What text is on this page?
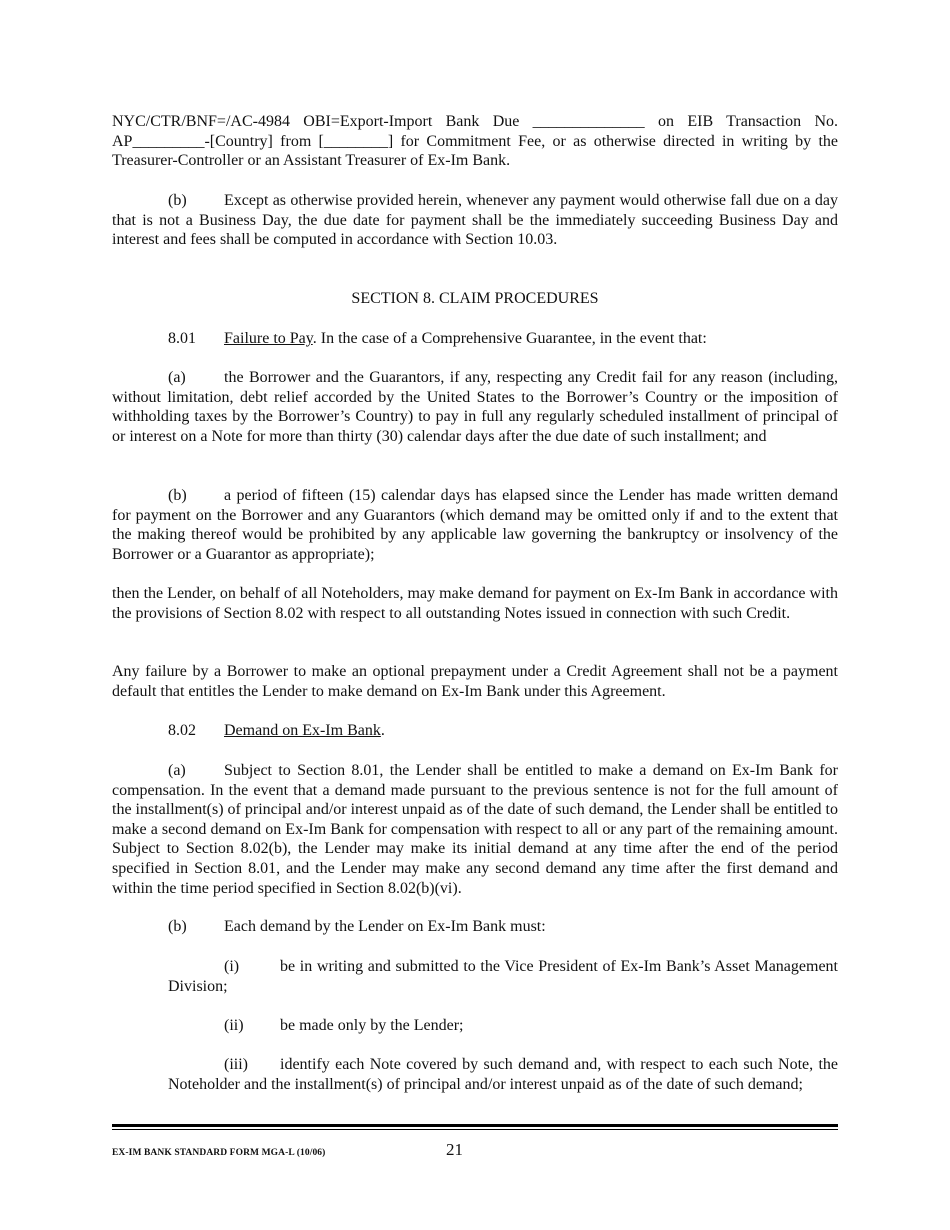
NYC/CTR/BNF=/AC-4984 OBI=Export-Import Bank Due ______________ on EIB Transaction No. AP_________-[Country] from [________] for Commitment Fee, or as otherwise directed in writing by the Treasurer-Controller or an Assistant Treasurer of Ex-Im Bank.

(b) Except as otherwise provided herein, whenever any payment would otherwise fall due on a day that is not a Business Day, the due date for payment shall be the immediately succeeding Business Day and interest and fees shall be computed in accordance with Section 10.03.

SECTION 8. CLAIM PROCEDURES

8.01 Failure to Pay. In the case of a Comprehensive Guarantee, in the event that:

(a) the Borrower and the Guarantors, if any, respecting any Credit fail for any reason (including, without limitation, debt relief accorded by the United States to the Borrower’s Country or the imposition of withholding taxes by the Borrower’s Country) to pay in full any regularly scheduled installment of principal of or interest on a Note for more than thirty (30) calendar days after the due date of such installment; and

(b) a period of fifteen (15) calendar days has elapsed since the Lender has made written demand for payment on the Borrower and any Guarantors (which demand may be omitted only if and to the extent that the making thereof would be prohibited by any applicable law governing the bankruptcy or insolvency of the Borrower or a Guarantor as appropriate);

then the Lender, on behalf of all Noteholders, may make demand for payment on Ex-Im Bank in accordance with the provisions of Section 8.02 with respect to all outstanding Notes issued in connection with such Credit.

Any failure by a Borrower to make an optional prepayment under a Credit Agreement shall not be a payment default that entitles the Lender to make demand on Ex-Im Bank under this Agreement.

8.02 Demand on Ex-Im Bank.

(a) Subject to Section 8.01, the Lender shall be entitled to make a demand on Ex-Im Bank for compensation. In the event that a demand made pursuant to the previous sentence is not for the full amount of the installment(s) of principal and/or interest unpaid as of the date of such demand, the Lender shall be entitled to make a second demand on Ex-Im Bank for compensation with respect to all or any part of the remaining amount. Subject to Section 8.02(b), the Lender may make its initial demand at any time after the end of the period specified in Section 8.01, and the Lender may make any second demand any time after the first demand and within the time period specified in Section 8.02(b)(vi).

(b) Each demand by the Lender on Ex-Im Bank must:

(i)	be in writing and submitted to the Vice President of Ex-Im Bank’s Asset Management Division;

(ii) be made only by the Lender;

(iii) identify each Note covered by such demand and, with respect to each such Note, the Noteholder and the installment(s) of principal and/or interest unpaid as of the date of such demand;

EX-IM BANK STANDARD FORM MGA-L (10/06)	21
